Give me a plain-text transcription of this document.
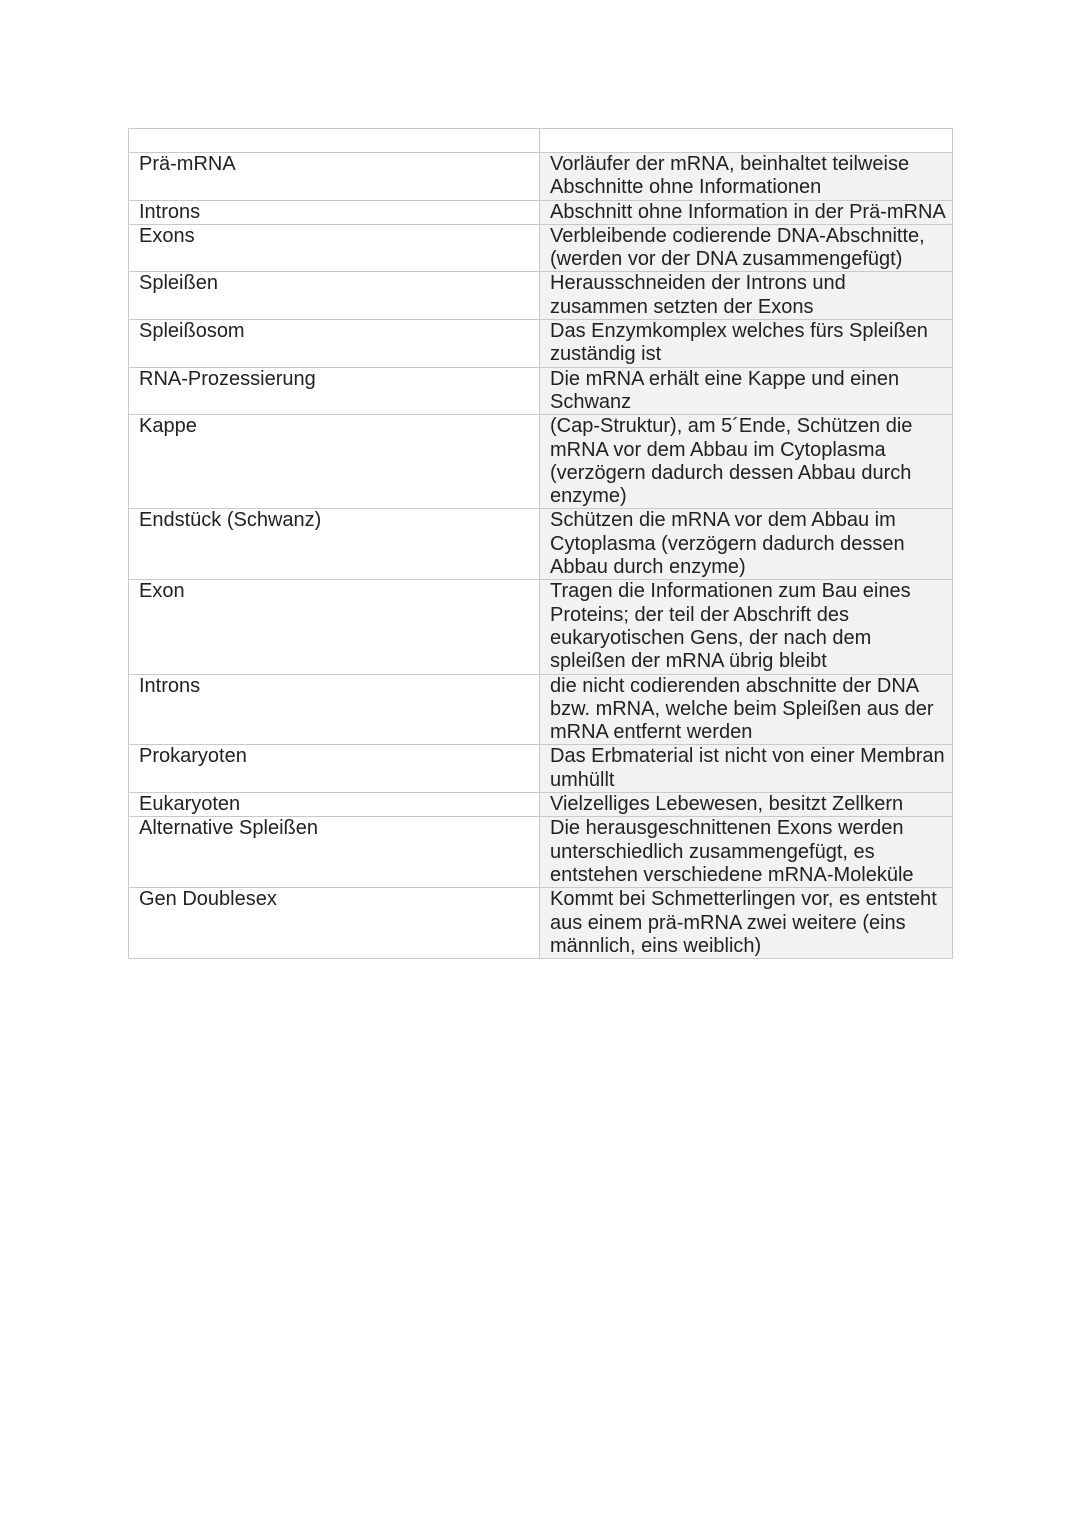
Prä-mRNA	Vorläufer der mRNA, beinhaltet teilweise Abschnitte ohne Informationen
Introns	Abschnitt ohne Information in der Prä-mRNA
Exons	Verbleibende codierende DNA-Abschnitte, (werden vor der DNA zusammengefügt)
Spleißen	Herausschneiden der Introns und zusammen setzten der Exons
Spleißosom	Das Enzymkomplex welches fürs Spleißen zuständig ist
RNA-Prozessierung	Die mRNA erhält eine Kappe und einen Schwanz
Kappe	(Cap-Struktur), am 5´Ende, Schützen die mRNA vor dem Abbau im Cytoplasma (verzögern dadurch dessen Abbau durch enzyme)
Endstück (Schwanz)	Schützen die mRNA vor dem Abbau im Cytoplasma (verzögern dadurch dessen Abbau durch enzyme)
Exon	Tragen die Informationen zum Bau eines Proteins; der teil der Abschrift des eukaryotischen Gens, der nach dem spleißen der mRNA übrig bleibt
Introns	die nicht codierenden abschnitte der DNA bzw. mRNA, welche beim Spleißen aus der mRNA entfernt werden
Prokaryoten	Das Erbmaterial ist nicht von einer Membran umhüllt
Eukaryoten	Vielzelliges Lebewesen, besitzt Zellkern
Alternative Spleißen	Die herausgeschnittenen Exons werden unterschiedlich zusammengefügt, es entstehen verschiedene mRNA-Moleküle
Gen Doublesex	Kommt bei Schmetterlingen vor, es entsteht aus einem prä-mRNA zwei weitere (eins männlich, eins weiblich)
